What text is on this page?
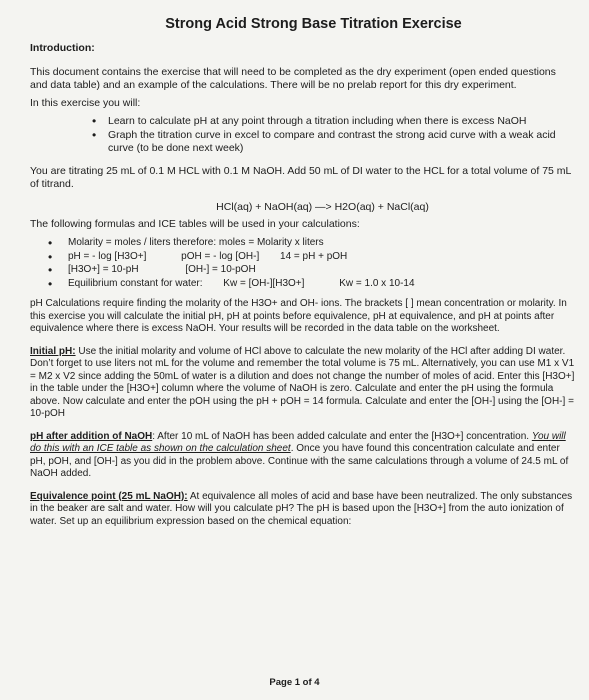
Strong Acid Strong Base Titration Exercise
Introduction:

This document contains the exercise that will need to be completed as the dry experiment (open ended questions and data table) and an example of the calculations. There will be no prelab report for this dry experiment.

In this exercise you will:

• Learn to calculate pH at any point through a titration including when there is excess NaOH
• Graph the titration curve in excel to compare and contrast the strong acid curve with a weak acid curve (to be done next week)

You are titrating 25 mL of 0.1 M HCL with 0.1 M NaOH. Add 50 mL of DI water to the HCL for a total volume of 75 mL of titrand.

HCl(aq) + NaOH(aq) —> H2O(aq) + NaCl(aq)

The following formulas and ICE tables will be used in your calculations:

• Molarity = moles / liters therefore: moles = Molarity x liters
• pH = - log [H3O+]	pOH = - log [OH-] 14 = pH + pOH
• [H3O+] = 10-pH	[OH-] = 10-pOH
• Equilibrium constant for water: Kw = [OH-][H3O+]	Kw = 1.0 x 10-14

pH Calculations require finding the molarity of the H3O+ and OH- ions. The brackets [ ] mean concentration or molarity. In this exercise you will calculate the initial pH, pH at points before equivalence, pH at equivalence, and pH at points after equivalence where there is excess NaOH. Your results will be recorded in the data table on the worksheet.

Initial pH: Use the initial molarity and volume of HCl above to calculate the new molarity of the HCl after adding DI water. Don’t forget to use liters not mL for the volume and remember the total volume is 75 mL. Alternatively, you can use M1 x V1 = M2 x V2 since adding the 50mL of water is a dilution and does not change the number of moles of acid. Enter this [H3O+] in the table under the [H3O+] column where the volume of NaOH is zero. Calculate and enter the pH using the formula above. Now calculate and enter the pOH using the pH + pOH = 14 formula. Calculate and enter the [OH-] using the [OH-] = 10-pOH

pH after addition of NaOH: After 10 mL of NaOH has been added calculate and enter the [H3O+] concentration. You will do this with an ICE table as shown on the calculation sheet. Once you have found this concentration calculate and enter pH, pOH, and [OH-] as you did in the problem above. Continue with the same calculations through a volume of 24.5 mL of NaOH added.

Equivalence point (25 mL NaOH): At equivalence all moles of acid and base have been neutralized. The only substances in the beaker are salt and water. How will you calculate pH? The pH is based upon the [H3O+] from the auto ionization of water. Set up an equilibrium expression based on the chemical equation:

Page 1 of 4
